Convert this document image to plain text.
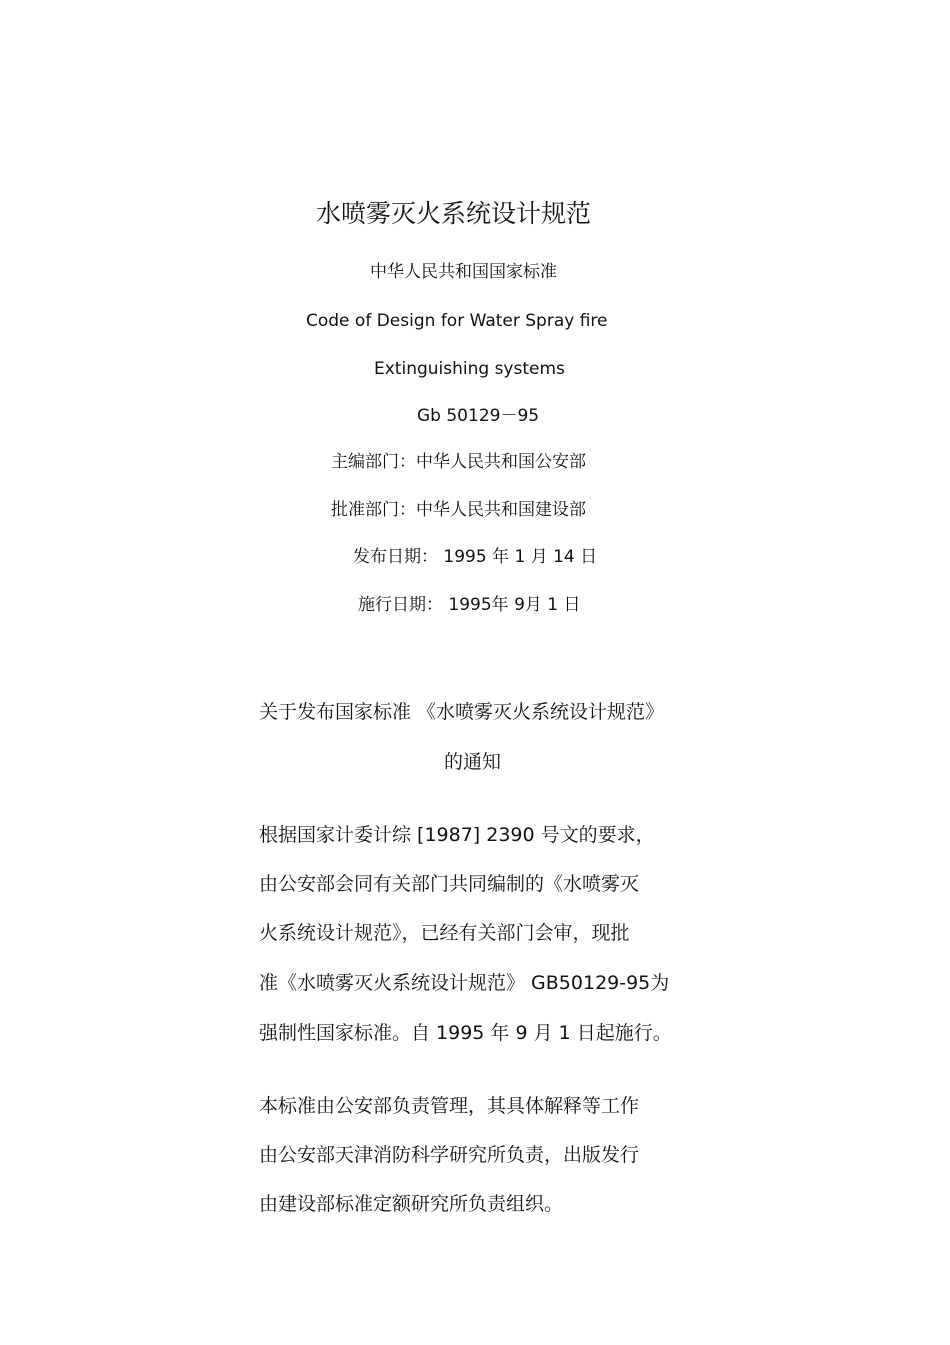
水喷雾灭火系统设计规范
中华人民共和国国家标准
Code of Design for Water Spray fire
Extinguishing systems
Gb 50129－95
主编部门：中华人民共和国公安部
批准部门：中华人民共和国建设部
发布日期： 1995 年 1 月 14 日
施行日期： 1995年 9月 1 日
关于发布国家标准 《水喷雾灭火系统设计规范》
的通知
根据国家计委计综 [1987] 2390 号文的要求，
由公安部会同有关部门共同编制的《水喷雾灭
火系统设计规范》，已经有关部门会审，现批
准《水喷雾灭火系统设计规范》 GB50129-95为
强制性国家标准。自 1995 年 9 月 1 日起施行。
本标准由公安部负责管理，其具体解释等工作
由公安部天津消防科学研究所负责，出版发行
由建设部标准定额研究所负责组织。
